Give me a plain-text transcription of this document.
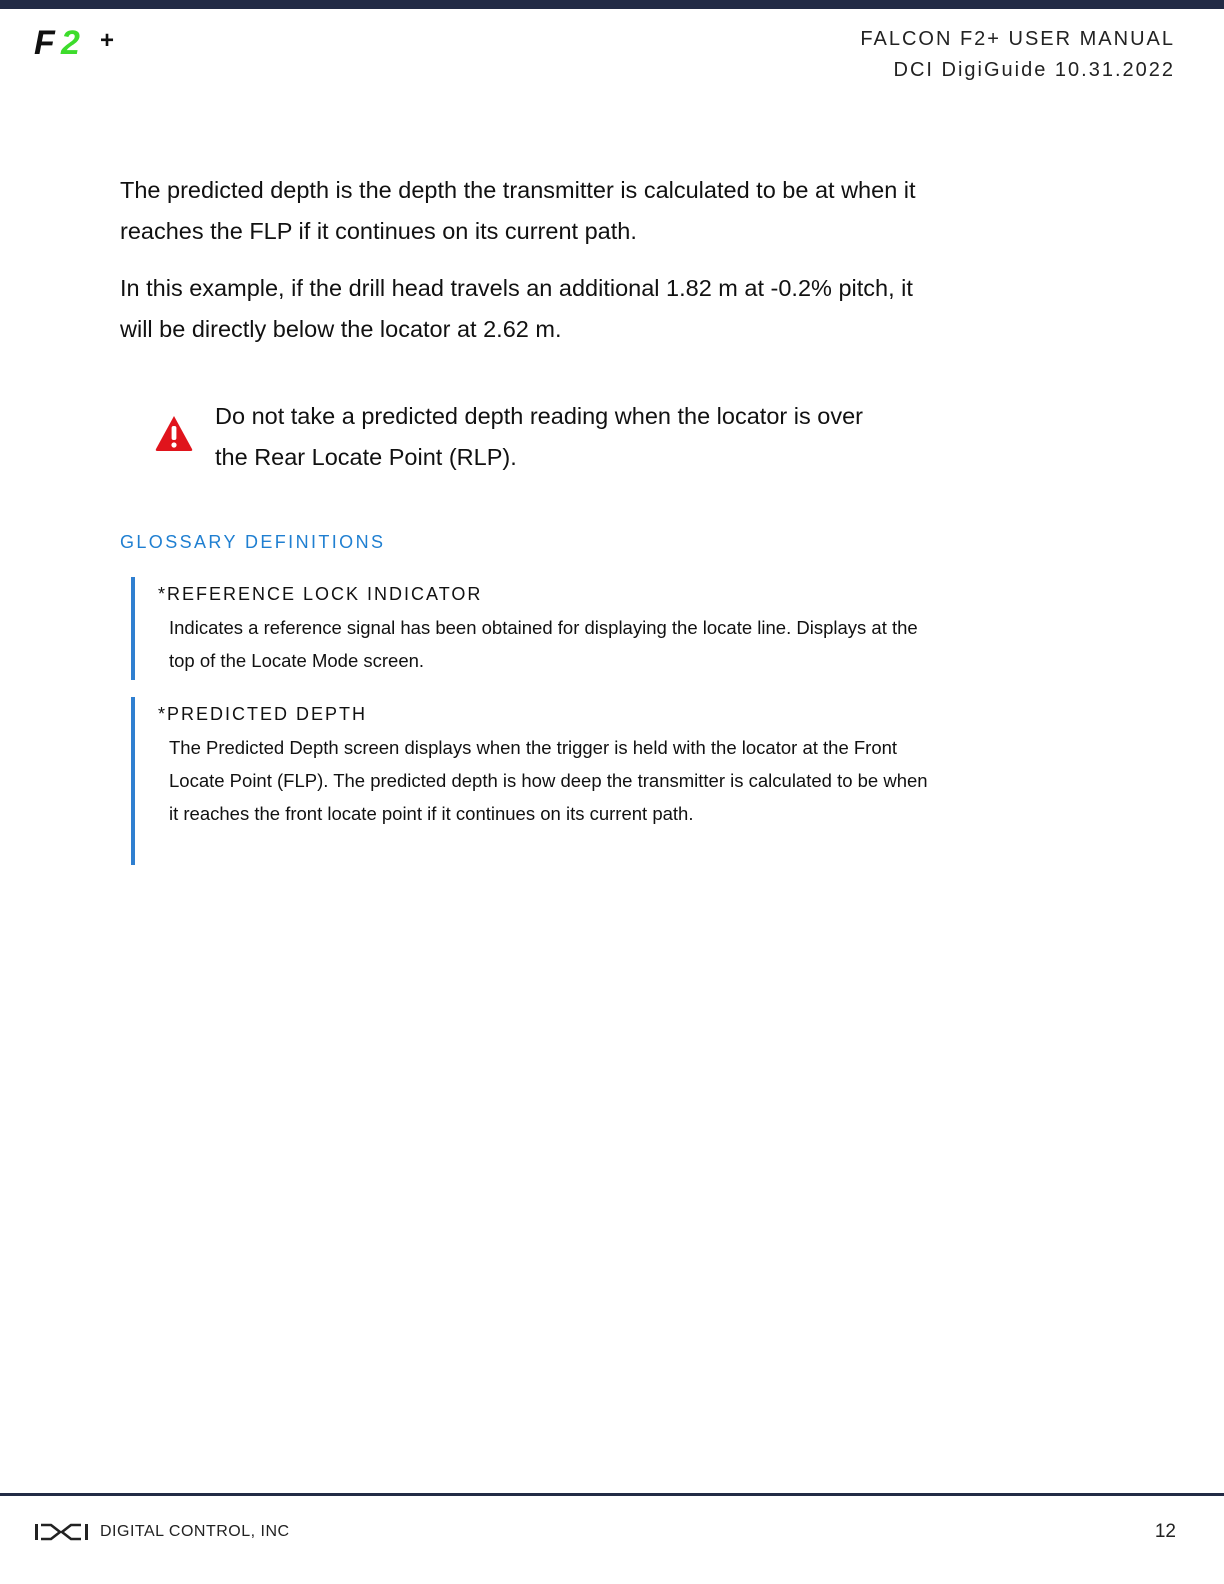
F 2 +	FALCON F2+ USER MANUAL
DCI DigiGuide 10.31.2022

The predicted depth is the depth the transmitter is calculated to be at when it reaches the FLP if it continues on its current path.

In this example, if the drill head travels an additional 1.82 m at -0.2% pitch, it will be directly below the locator at 2.62 m.

Do not take a predicted depth reading when the locator is over the Rear Locate Point (RLP).

GLOSSARY DEFINITIONS
*REFERENCE LOCK INDICATOR

Indicates a reference signal has been obtained for displaying the locate line. Displays at the top of the Locate Mode screen.

*PREDICTED DEPTH

The Predicted Depth screen displays when the trigger is held with the locator at the Front Locate Point (FLP). The predicted depth is how deep the transmitter is calculated to be when it reaches the front locate point if it continues on its current path.

DIGITAL CONTROL, INC	12
